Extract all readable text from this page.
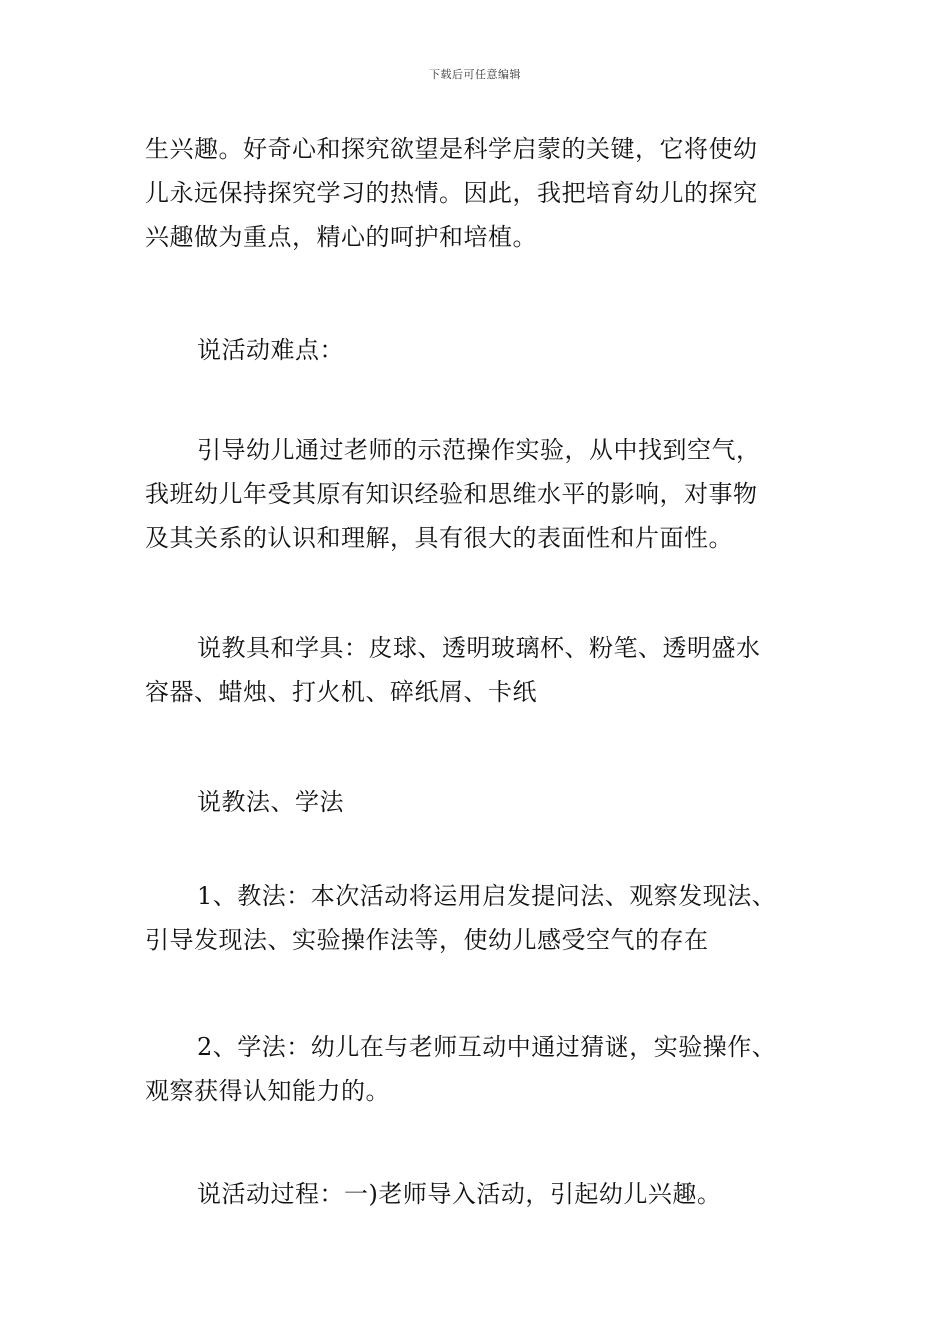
下载后可任意编辑

生兴趣。好奇心和探究欲望是科学启蒙的关键，它将使幼
儿永远保持探究学习的热情。因此，我把培育幼儿的探究
兴趣做为重点，精心的呵护和培植。

说活动难点：

引导幼儿通过老师的示范操作实验，从中找到空气，
我班幼儿年受其原有知识经验和思维水平的影响，对事物
及其关系的认识和理解，具有很大的表面性和片面性。

说教具和学具：皮球、透明玻璃杯、粉笔、透明盛水
容器、蜡烛、打火机、碎纸屑、卡纸

说教法、学法

1、教法：本次活动将运用启发提问法、观察发现法、
引导发现法、实验操作法等，使幼儿感受空气的存在

2、学法：幼儿在与老师互动中通过猜谜，实验操作、
观察获得认知能力的。

说活动过程：一)老师导入活动，引起幼儿兴趣。
